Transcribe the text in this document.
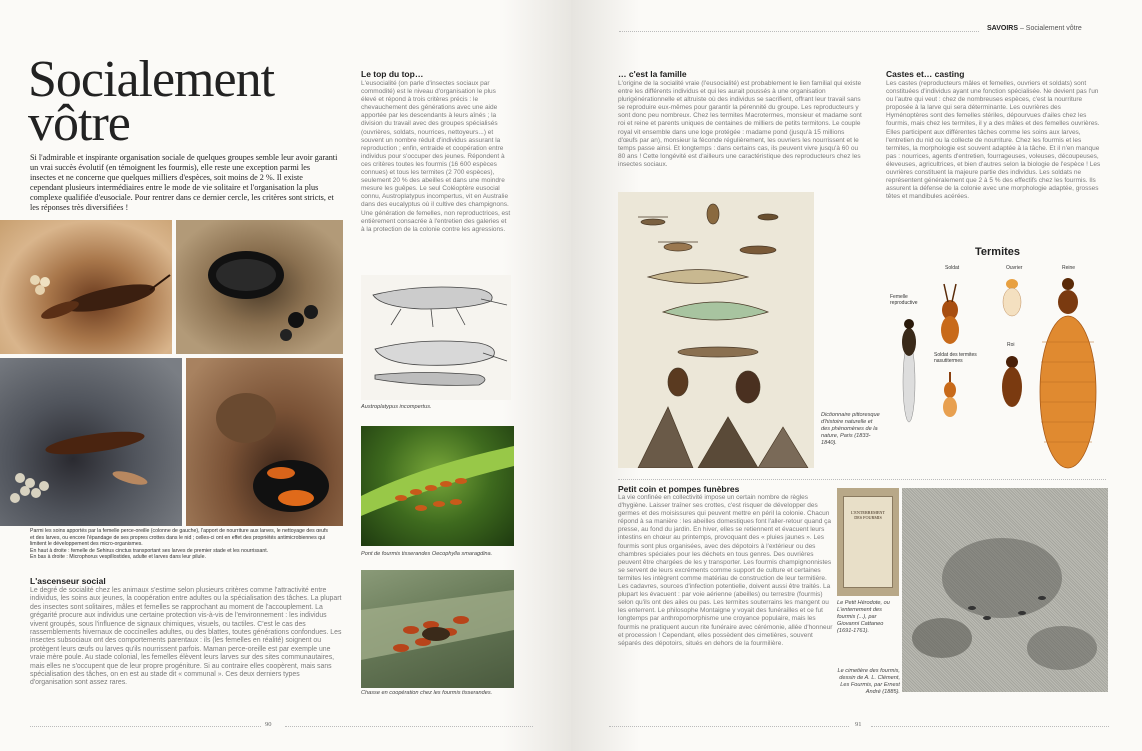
Socialement
vôtre
Si l'admirable et inspirante organisation sociale de quelques groupes semble leur avoir garanti un vrai succès évolutif (en témoignent les fourmis), elle reste une exception parmi les insectes et ne concerne que quelques milliers d'espèces, soit moins de 2 %. Il existe cependant plusieurs intermédiaires entre le mode de vie solitaire et l'organisation la plus complexe qualifiée d'eusociale. Pour rentrer dans ce dernier cercle, les critères sont stricts, et les réponses très diversifiées !
Parmi les soins apportés par la femelle perce-oreille (colonne de gauche), l'apport de nourriture aux larves, le nettoyage des œufs et des larves, ou encore l'épandage de ses propres crottes dans le nid ; celles-ci ont en effet des propriétés antimicrobiennes qui limitent le développement des micro-organismes.
En haut à droite : femelle de Sehirus cinctus transportant ses larves de premier stade et les nourrissant.
En bas à droite : Microphorus vespillostides, adulte et larves dans leur pilule.
L'ascenseur social
Le degré de socialité chez les animaux s'estime selon plusieurs critères comme l'attractivité entre individus, les soins aux jeunes, la coopération entre adultes ou la spécialisation des tâches. La plupart des insectes sont solitaires, mâles et femelles se rapprochant au moment de l'accouplement. La grégarité procure aux individus une certaine protection vis-à-vis de l'environnement : les individus vivent groupés, sous l'influence de signaux chimiques, visuels, ou tactiles. C'est le cas des rassemblements hivernaux de coccinelles adultes, ou des blattes, toutes générations confondues. Les insectes subsociaux ont des comportements parentaux : ils (les femelles en réalité) soignent ou protègent leurs œufs ou larves qu'ils nourrissent parfois. Maman perce-oreille est par exemple une vraie mère poule. Au stade colonial, les femelles élèvent leurs larves sur des sites communautaires, mais elles ne s'occupent que de leur propre progéniture. Si au contraire elles coopèrent, mais sans spécialisation des tâches, on en est au stade dit « communal ». Ces deux derniers types d'organisation sont assez rares.
Le top du top…
L'eusocialité (on parle d'insectes sociaux par commodité) est le niveau d'organisation le plus élevé et répond à trois critères précis : le chevauchement des générations avec une aide apportée par les descendants à leurs aînés ; la division du travail avec des groupes spécialisés (ouvrières, soldats, nourrices, nettoyeurs...) et souvent un nombre réduit d'individus assurant la reproduction ; enfin, entraide et coopération entre individus pour s'occuper des jeunes. Répondent à ces critères toutes les fourmis (16 600 espèces connues) et tous les termites (2 700 espèces), seulement 20 % des abeilles et dans une moindre mesure les guêpes. Le seul Coléoptère eusocial connu, Austroplatypus incompertus, vit en Australie dans des eucalyptus où il cultive des champignons. Une génération de femelles, non reproductrices, est entièrement consacrée à l'entretien des galeries et à la protection de la colonie contre les agressions.
Austroplatypus incompertus.
Pont de fourmis tisserandes Oecophylla smaragdina.
Chasse en coopération chez les fourmis tisserandes.
90
SAVOIRS – Socialement vôtre
… c'est la famille
L'origine de la socialité vraie (l'eusocialité) est probablement le lien familial qui existe entre les différents individus et qui les aurait poussés à une organisation plurigénérationnelle et altruiste où des individus se sacrifient, offrant leur travail sans se reproduire eux-mêmes pour garantir la pérennité du groupe. Les reproducteurs y sont donc peu nombreux. Chez les termites Macrotermes, monsieur et madame sont roi et reine et parents uniques de centaines de milliers de petits termitons. Le couple royal vit ensemble dans une loge protégée : madame pond (jusqu'à 15 millions d'œufs par an), monsieur la féconde régulièrement, les ouvriers les nourrissent et le temps passe ainsi. Et longtemps : dans certains cas, ils peuvent vivre jusqu'à 60 ou 80 ans ! Cette longévité est d'ailleurs une caractéristique des reproducteurs chez les insectes sociaux.
Castes et… casting
Les castes (reproducteurs mâles et femelles, ouvriers et soldats) sont constituées d'individus ayant une fonction spécialisée. Ne devient pas l'un ou l'autre qui veut : chez de nombreuses espèces, c'est la nourriture proposée à la larve qui sera déterminante. Les ouvrières des Hyménoptères sont des femelles stériles, dépourvues d'ailes chez les fourmis, mais chez les termites, il y a des mâles et des femelles ouvrières. Elles participent aux différentes tâches comme les soins aux larves, l'entretien du nid ou la collecte de nourriture. Chez les fourmis et les termites, la morphologie est souvent adaptée à la tâche. Et il n'en manque pas : nourrices, agents d'entretien, fourrageuses, voleuses, découpeuses, éleveuses, agricultrices, et bien d'autres selon la biologie de l'espèce ! Les ouvrières constituent la majeure partie des individus. Les soldats ne représentent généralement que 2 à 5 % des effectifs chez les fourmis. Ils assurent la défense de la colonie avec une morphologie adaptée, grosses têtes et mandibules acérées.
Dictionnaire pittoresque d'histoire naturelle et des phénomènes de la nature, Paris (1833-1840).
Termites
Soldat	Ouvrier	Reine
Femelle reproductive
Soldat des termites nasutitermes
Roi
Petit coin et pompes funèbres
La vie confinée en collectivité impose un certain nombre de règles d'hygiène. Laisser traîner ses crottes, c'est risquer de développer des germes et des moisissures qui peuvent mettre en péril la colonie. Chacun répond à sa manière : les abeilles domestiques font l'aller-retour quand ça presse, au fond du jardin. En hiver, elles se retiennent et évacuent leurs intestins en chœur au printemps, provoquant des « pluies jaunes ». Les fourmis sont plus organisées, avec des dépotoirs à l'extérieur ou des chambres spéciales pour les déchets en tous genres. Des ouvrières peuvent être chargées de les y transporter. Les fourmis champignonnistes se servent de leurs excréments comme support de culture et certaines termites les intègrent comme matériau de construction de leur termitière. Les cadavres, sources d'infection potentielle, doivent aussi être traités. La plupart les évacuent : par voie aérienne (abeilles) ou terrestre (fourmis) selon qu'ils ont des ailes ou pas. Les termites souterrains les mangent ou les enterrent. Le philosophe Montaigne y voyait des funérailles et ce fut longtemps par anthropomorphisme une croyance populaire, mais les fourmis ne pratiquent aucun rite funéraire avec cérémonie, allée d'honneur et procession ! Cependant, elles possèdent des cimetières, souvent séparés des dépotoirs, situés en dehors de la fourmilière.
L'ENTERREMENT
DES FOURMIS
Le Petit Hérodote, ou L'enterrement des fourmis (...), par Giovanni Cattaneo (1691-1761).
Le cimetière des fourmis, dessin de A. L. Clément, Les Fourmis, par Ernest André (1885).
91
